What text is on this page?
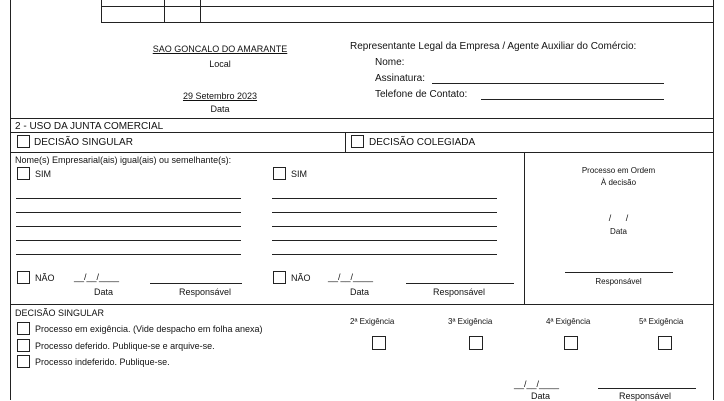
SAO GONCALO DO AMARANTE
Local
29 Setembro 2023
Data
Representante Legal da Empresa / Agente Auxiliar do Comércio:
Nome:
Assinatura:
Telefone de Contato:
2 - USO DA JUNTA COMERCIAL
DECISÃO SINGULAR	DECISÃO COLEGIADA
Nome(s) Empresarial(ais) igual(ais) ou semelhante(s):
SIM	SIM
NÃO __/__/____
Data	Responsável
NÃO __/__/____
Data	Responsável
Processo em Ordem
À decisão
/ /
Data
Responsável
DECISÃO SINGULAR
Processo em exigência. (Vide despacho em folha anexa)
Processo deferido. Publique-se e arquive-se.
Processo indeferido. Publique-se.
2ª Exigência	3ª Exigência	4ª Exigência	5ª Exigência
__/__/____
Data	Responsável
